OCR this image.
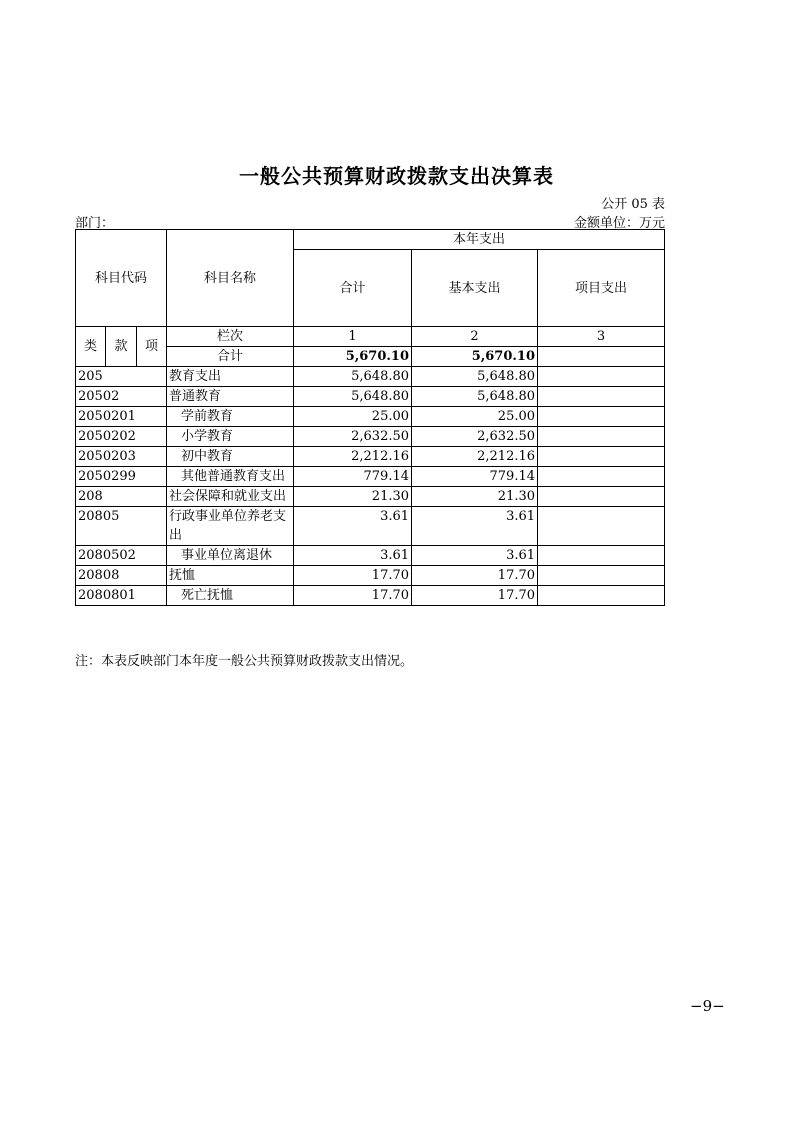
一般公共预算财政拨款支出决算表
公开 05 表
部门：	金额单位：万元
科目代码			科目名称	本年支出		
				合计	基本支出	项目支出
类	款	项	栏次	1	2	3
			合计	5,670.10	5,670.10	
205			教育支出	5,648.80	5,648.80	
20502			普通教育	5,648.80	5,648.80	
2050201			学前教育	25.00	25.00	
2050202			小学教育	2,632.50	2,632.50	
2050203			初中教育	2,212.16	2,212.16	
2050299			其他普通教育支出	779.14	779.14	
208			社会保障和就业支出	21.30	21.30	
20805			行政事业单位养老支出	3.61	3.61	
2080502			事业单位离退休	3.61	3.61	
20808			抚恤	17.70	17.70	
2080801			死亡抚恤	17.70	17.70	
注：本表反映部门本年度一般公共预算财政拨款支出情况。
−9−
